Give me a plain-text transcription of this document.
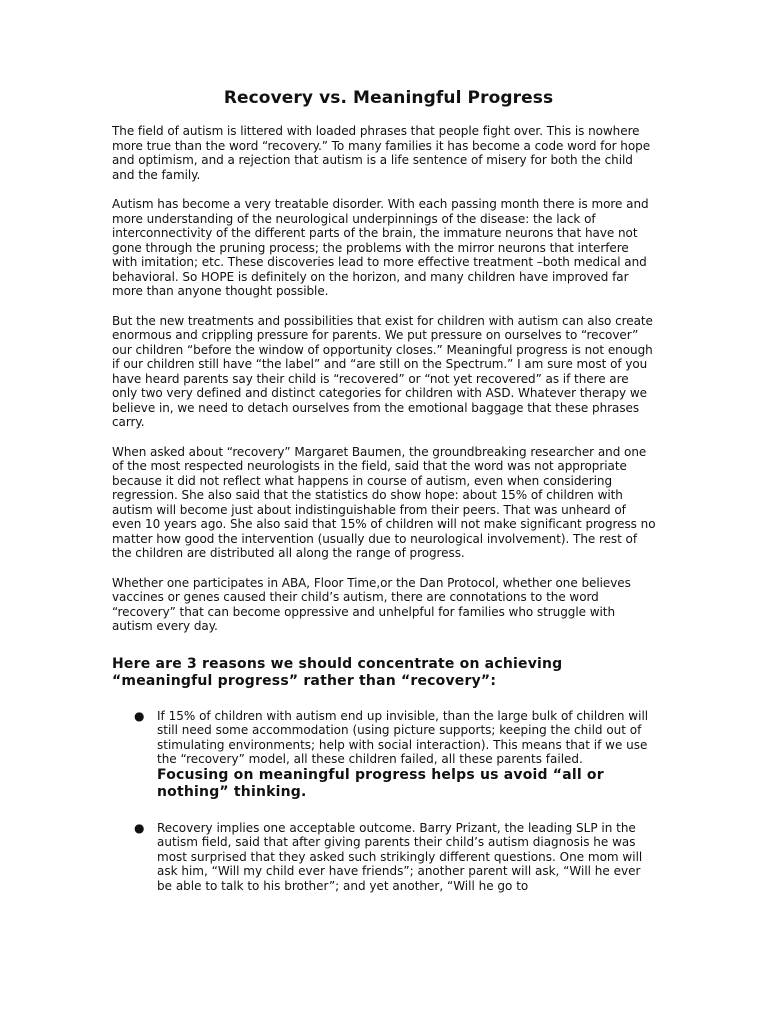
Recovery vs. Meaningful Progress

The field of autism is littered with loaded phrases that people fight over. This is nowhere more true than the word “recovery.” To many families it has become a code word for hope and optimism, and a rejection that autism is a life sentence of misery for both the child and the family.

Autism has become a very treatable disorder. With each passing month there is more and more understanding of the neurological underpinnings of the disease: the lack of interconnectivity of the different parts of the brain, the immature neurons that have not gone through the pruning process; the problems with the mirror neurons that interfere with imitation; etc. These discoveries lead to more effective treatment –both medical and behavioral. So HOPE is definitely on the horizon, and many children have improved far more than anyone thought possible.

But the new treatments and possibilities that exist for children with autism can also create enormous and crippling pressure for parents. We put pressure on ourselves to “recover” our children “before the window of opportunity closes.” Meaningful progress is not enough if our children still have “the label” and “are still on the Spectrum.” I am sure most of you have heard parents say their child is “recovered” or “not yet recovered” as if there are only two very defined and distinct categories for children with ASD. Whatever therapy we believe in, we need to detach ourselves from the emotional baggage that these phrases carry.

When asked about “recovery” Margaret Baumen, the groundbreaking researcher and one of the most respected neurologists in the field, said that the word was not appropriate because it did not reflect what happens in course of autism, even when considering regression. She also said that the statistics do show hope: about 15% of children with autism will become just about indistinguishable from their peers. That was unheard of even 10 years ago. She also said that 15% of children will not make significant progress no matter how good the intervention (usually due to neurological involvement). The rest of the children are distributed all along the range of progress.

Whether one participates in ABA, Floor Time,or the Dan Protocol, whether one believes vaccines or genes caused their child’s autism, there are connotations to the word “recovery” that can become oppressive and unhelpful for families who struggle with autism every day.

Here are 3 reasons we should concentrate on achieving “meaningful progress” rather than “recovery”:
● If 15% of children with autism end up invisible, than the large bulk of children will still need some accommodation (using picture supports; keeping the child out of stimulating environments; help with social interaction). This means that if we use the “recovery” model, all these children failed, all these parents failed. Focusing on meaningful progress helps us avoid “all or nothing” thinking.
● Recovery implies one acceptable outcome. Barry Prizant, the leading SLP in the autism field, said that after giving parents their child’s autism diagnosis he was most surprised that they asked such strikingly different questions. One mom will ask him, “Will my child ever have friends”; another parent will ask, “Will he ever be able to talk to his brother”; and yet another, “Will he go to
